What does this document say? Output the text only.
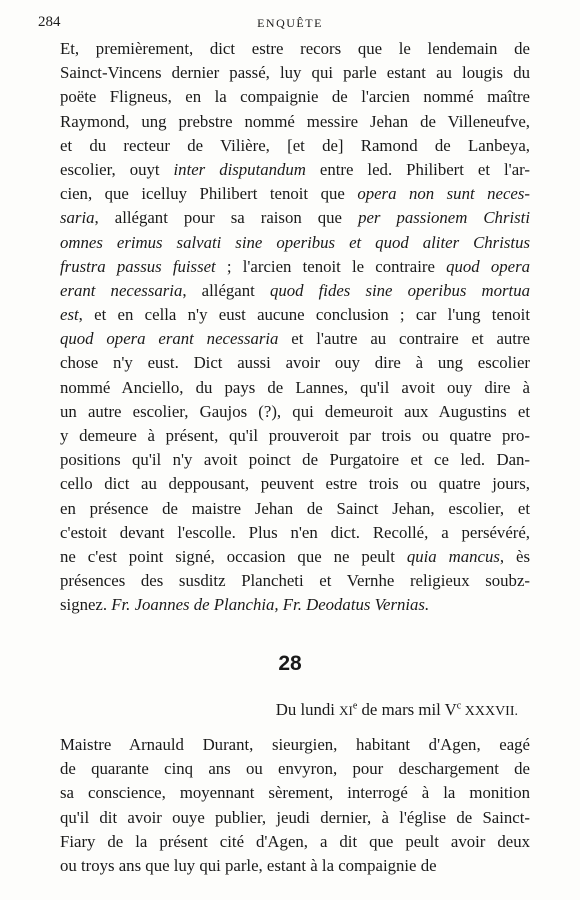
284	ENQUÊTE
Et, premièrement, dict estre recors que le lendemain de
Sainct-Vincens dernier passé, luy qui parle estant au lougis du
poëte Fligneus, en la compaignie de l'arcien nommé maître
Raymond, ung prebstre nommé messire Jehan de Villeneufve,
et du recteur de Vilière, [et de] Ramond de Lanbeya,
escolier, ouyt inter disputandum entre led. Philibert et l'ar-
cien, que icelluy Philibert tenoit que opera non sunt neces-
saria, allégant pour sa raison que per passionem Christi
omnes erimus salvati sine operibus et quod aliter Christus
frustra passus fuisset ; l'arcien tenoit le contraire quod opera
erant necessaria, allégant quod fides sine operibus mortua
est, et en cella n'y eust aucune conclusion ; car l'ung tenoit
quod opera erant necessaria et l'autre au contraire et autre
chose n'y eust. Dict aussi avoir ouy dire à ung escolier
nommé Anciello, du pays de Lannes, qu'il avoit ouy dire à
un autre escolier, Gaujos (?), qui demeuroit aux Augustins et
y demeure à présent, qu'il prouveroit par trois ou quatre pro-
positions qu'il n'y avoit poinct de Purgatoire et ce led. Dan-
cello dict au deppousant, peuvent estre trois ou quatre jours,
en présence de maistre Jehan de Sainct Jehan, escolier, et
c'estoit devant l'escolle. Plus n'en dict. Recollé, a persévéré,
ne c'est point signé, occasion que ne peult quia mancus, ès
présences des susditz Plancheti et Vernhe religieux soubz-
signez. Fr. Joannes de Planchia, Fr. Deodatus Vernias.
28
Du lundi XIe de mars mil $V^c$ XXXVII.
Maistre Arnauld Durant, sieurgien, habitant d'Agen, eagé
de quarante cinq ans ou envyron, pour deschargement de
sa conscience, moyennant sèrement, interrogé à la monition
qu'il dit avoir ouye publier, jeudi dernier, à l'église de Sainct-
Fiary de la présent cité d'Agen, a dit que peult avoir deux
ou troys ans que luy qui parle, estant à la compaignie de
